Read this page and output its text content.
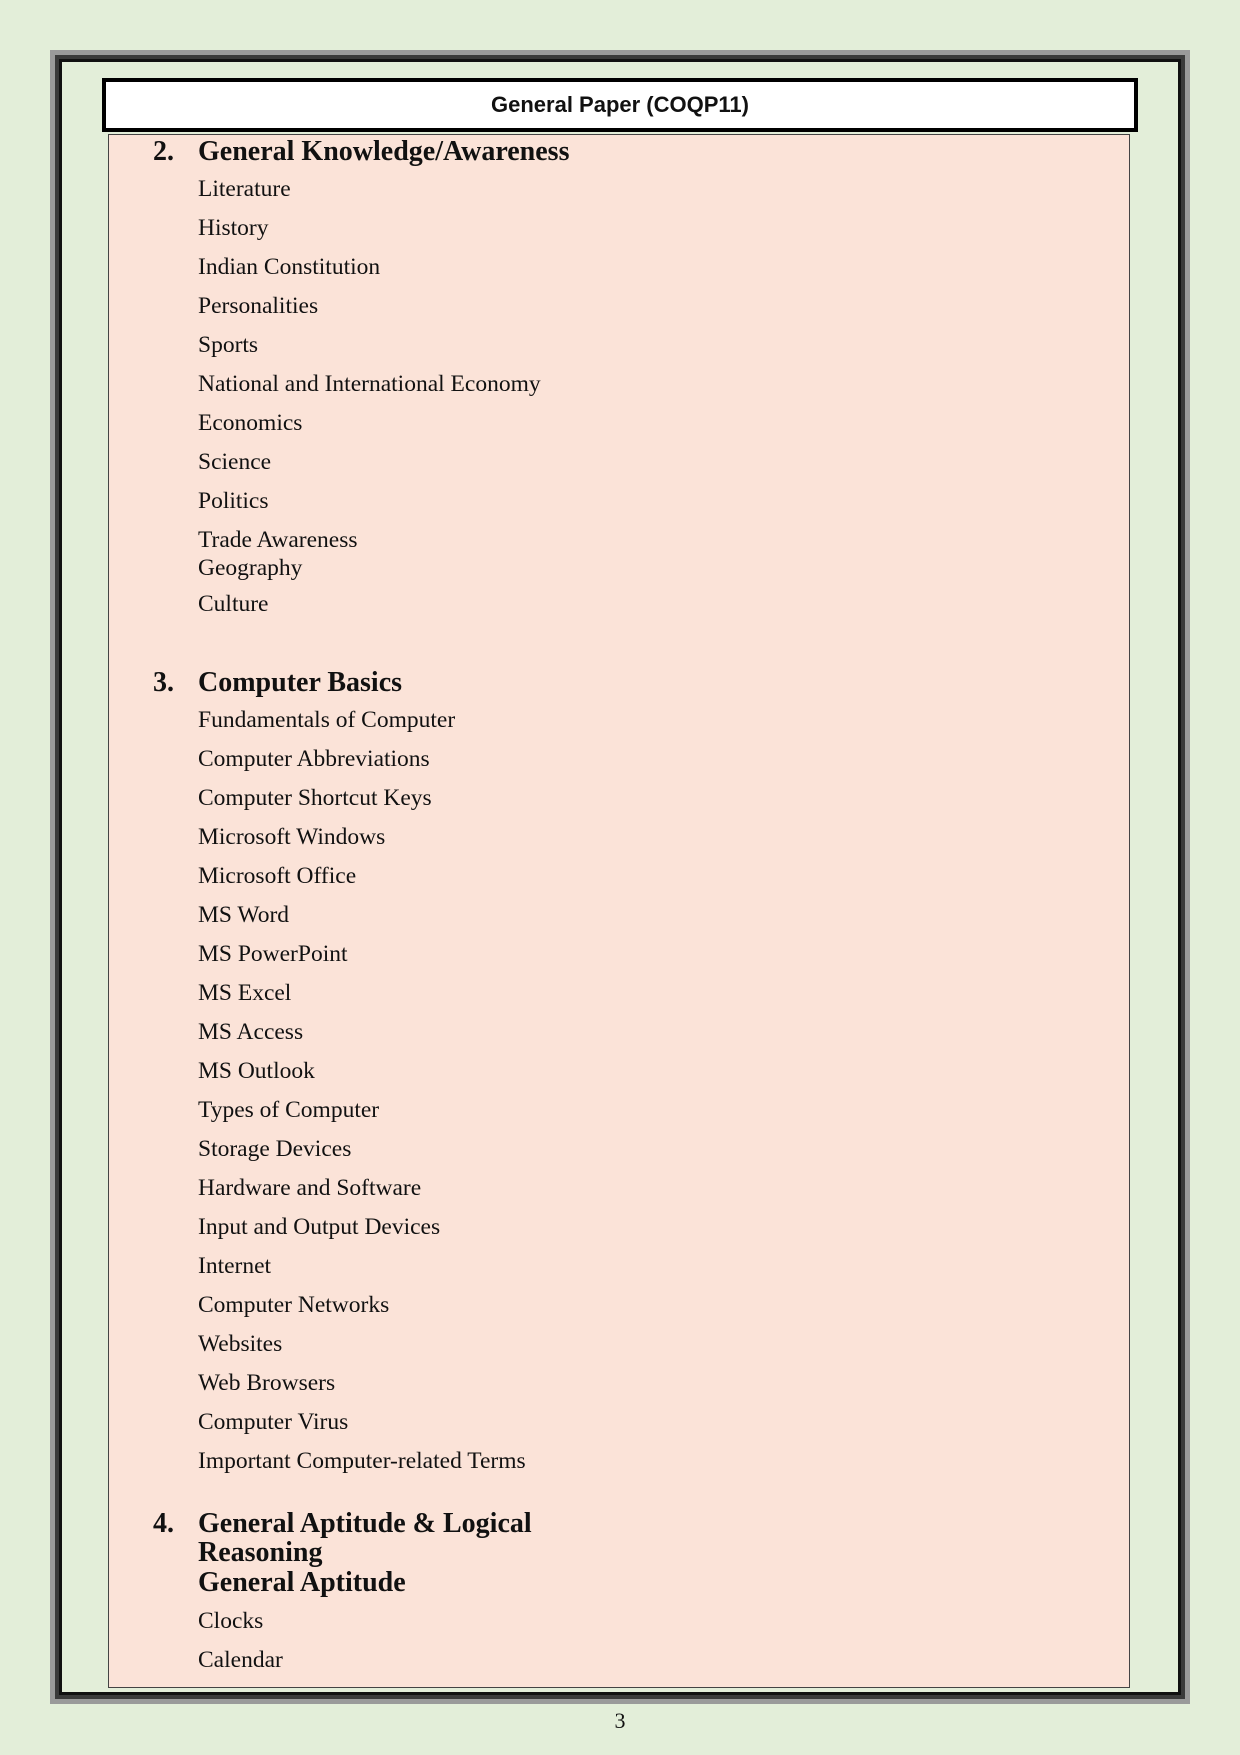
General Paper (COQP11)
2. General Knowledge/Awareness
Literature
History
Indian Constitution
Personalities
Sports
National and International Economy
Economics
Science
Politics
Trade Awareness
Geography
Culture
3. Computer Basics
Fundamentals of Computer
Computer Abbreviations
Computer Shortcut Keys
Microsoft Windows
Microsoft Office
MS Word
MS PowerPoint
MS Excel
MS Access
MS Outlook
Types of Computer
Storage Devices
Hardware and Software
Input and Output Devices
Internet
Computer Networks
Websites
Web Browsers
Computer Virus
Important Computer-related Terms
4. General Aptitude & Logical
Reasoning
General Aptitude
Clocks
Calendar
3
